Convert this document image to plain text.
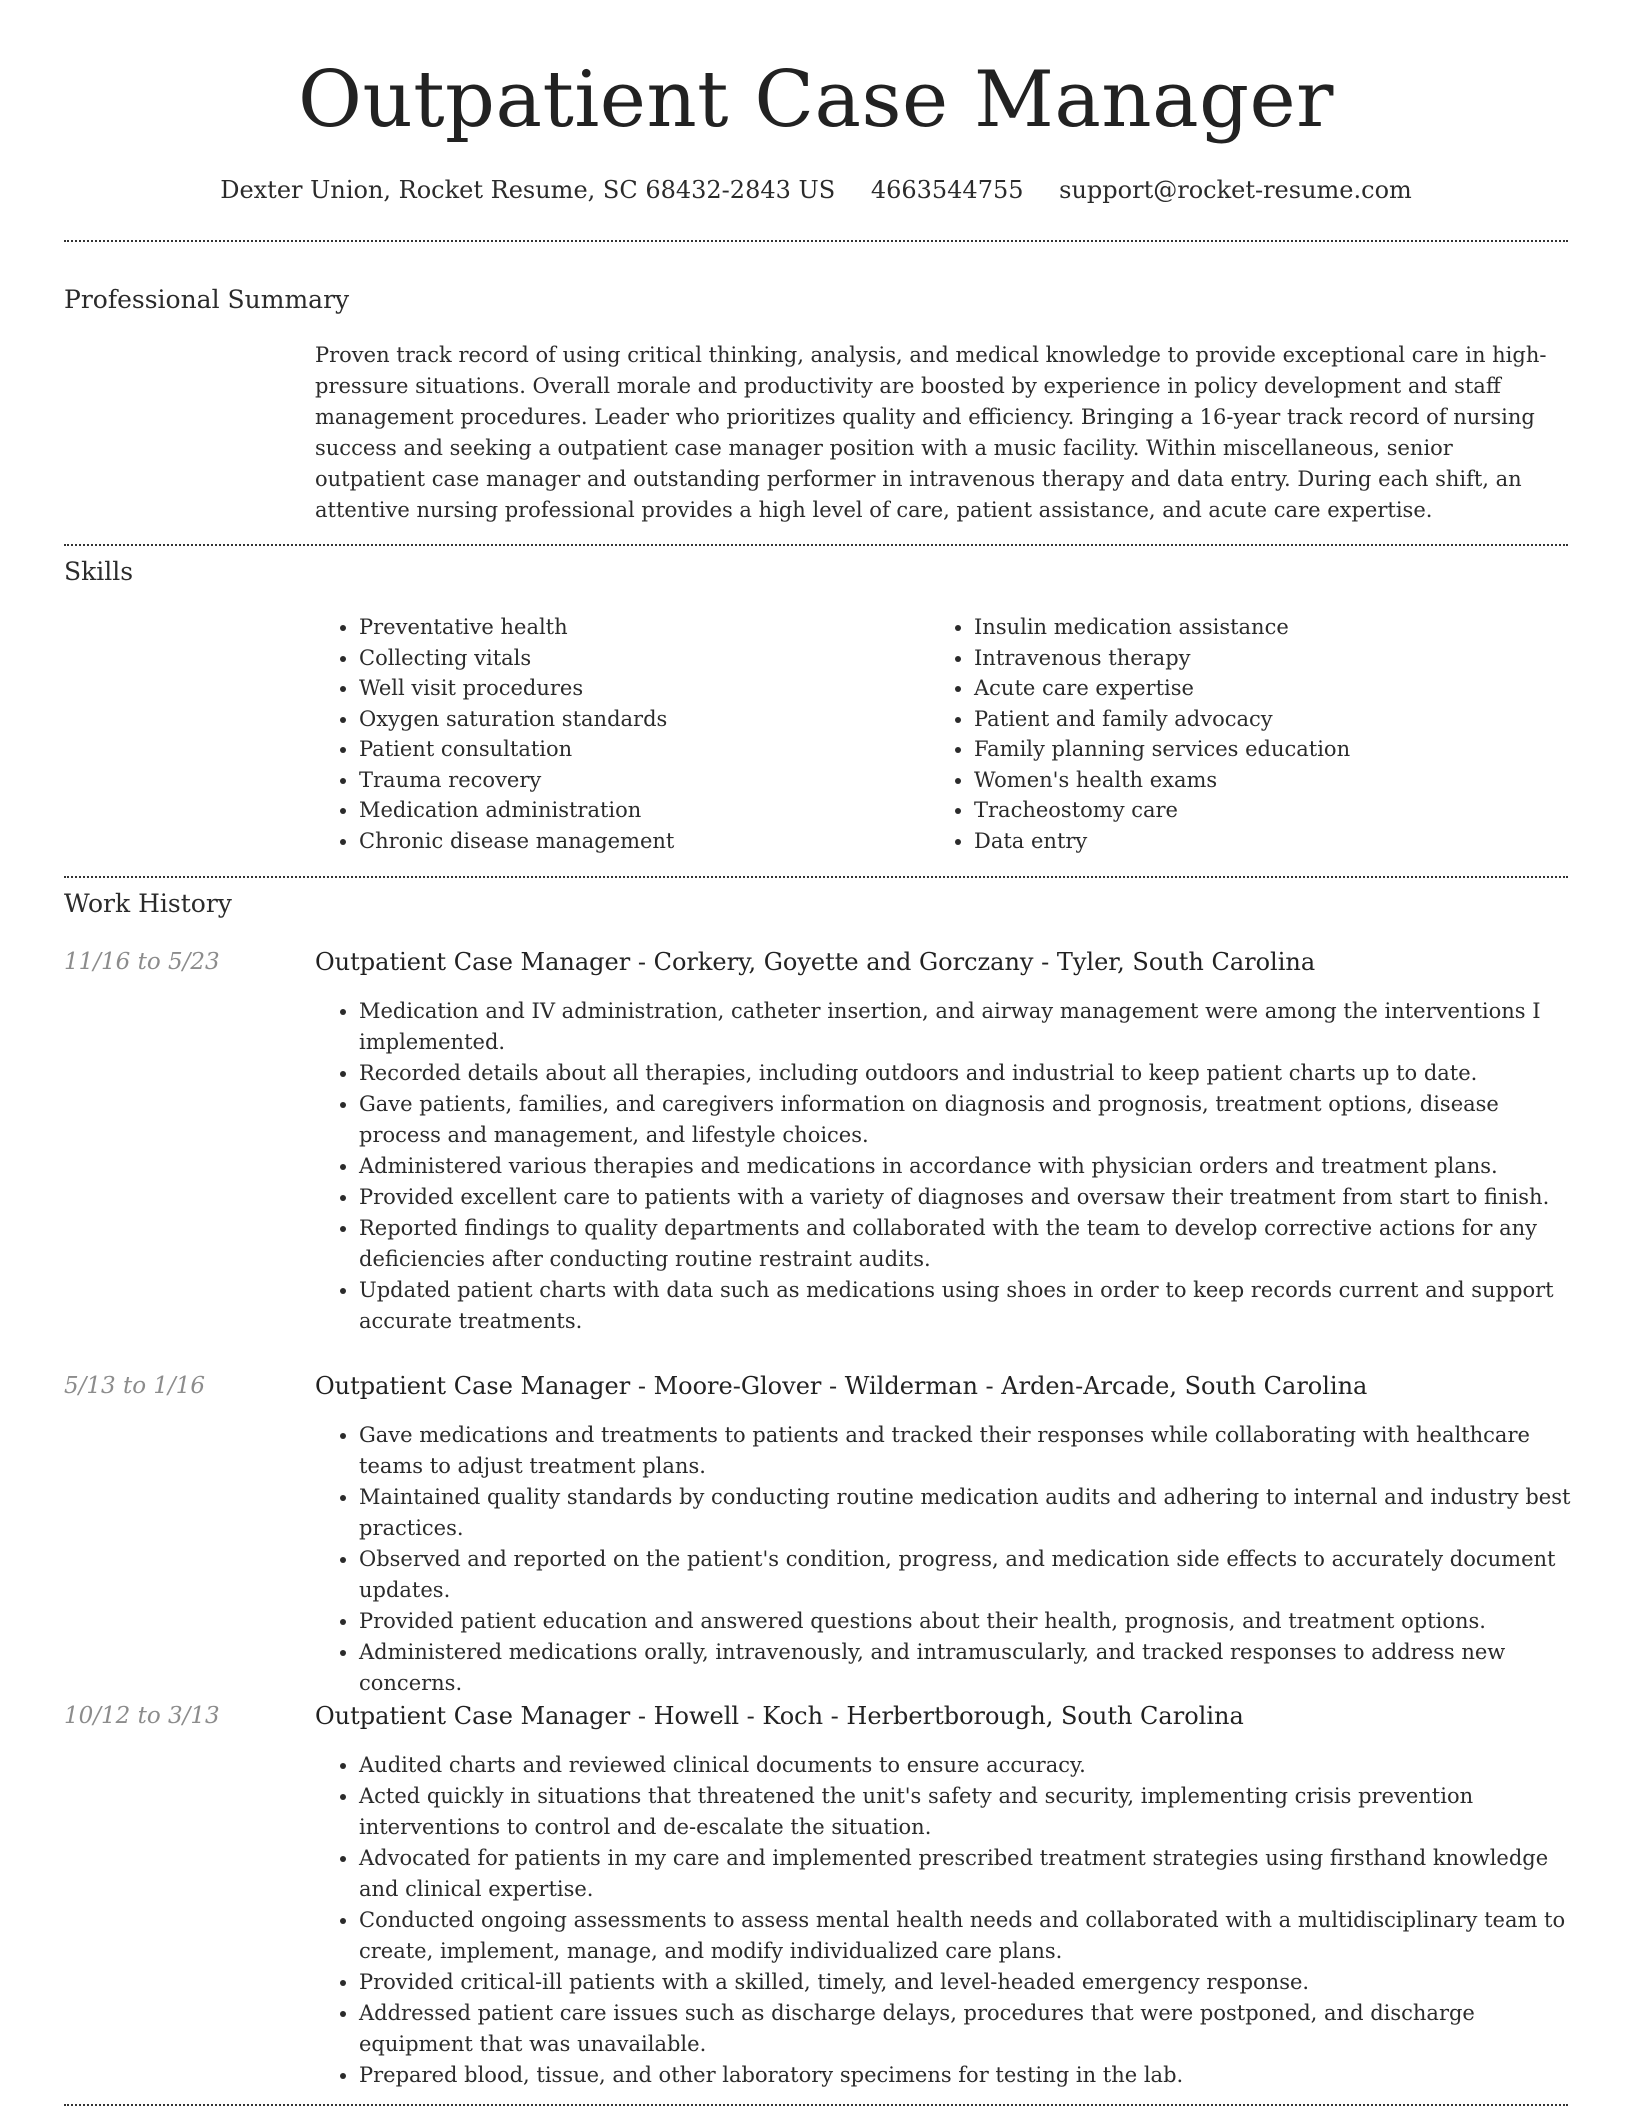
Outpatient Case Manager
Dexter Union, Rocket Resume, SC 68432-2843 US 4663544755 support@rocket-resume.com
Professional Summary

Proven track record of using critical thinking, analysis, and medical knowledge to provide exceptional care in high-pressure situations. Overall morale and productivity are boosted by experience in policy development and staff management procedures. Leader who prioritizes quality and efficiency. Bringing a 16-year track record of nursing success and seeking a outpatient case manager position with a music facility. Within miscellaneous, senior outpatient case manager and outstanding performer in intravenous therapy and data entry. During each shift, an attentive nursing professional provides a high level of care, patient assistance, and acute care expertise.

Skills
• Preventative health
• Collecting vitals
• Well visit procedures
• Oxygen saturation standards
• Patient consultation
• Trauma recovery
• Medication administration
• Chronic disease management
• Insulin medication assistance
• Intravenous therapy
• Acute care expertise
• Patient and family advocacy
• Family planning services education
• Women's health exams
• Tracheostomy care
• Data entry
Work History
11/16 to 5/23	Outpatient Case Manager - Corkery, Goyette and Gorczany - Tyler, South Carolina
• Medication and IV administration, catheter insertion, and airway management were among the interventions I implemented.
• Recorded details about all therapies, including outdoors and industrial to keep patient charts up to date.
• Gave patients, families, and caregivers information on diagnosis and prognosis, treatment options, disease process and management, and lifestyle choices.
• Administered various therapies and medications in accordance with physician orders and treatment plans.
• Provided excellent care to patients with a variety of diagnoses and oversaw their treatment from start to finish.
• Reported findings to quality departments and collaborated with the team to develop corrective actions for any deficiencies after conducting routine restraint audits.
• Updated patient charts with data such as medications using shoes in order to keep records current and support accurate treatments.
5/13 to 1/16	Outpatient Case Manager - Moore-Glover - Wilderman - Arden-Arcade, South Carolina
• Gave medications and treatments to patients and tracked their responses while collaborating with healthcare teams to adjust treatment plans.
• Maintained quality standards by conducting routine medication audits and adhering to internal and industry best practices.
• Observed and reported on the patient's condition, progress, and medication side effects to accurately document updates.
• Provided patient education and answered questions about their health, prognosis, and treatment options.
• Administered medications orally, intravenously, and intramuscularly, and tracked responses to address new concerns.
10/12 to 3/13	Outpatient Case Manager - Howell - Koch - Herbertborough, South Carolina
• Audited charts and reviewed clinical documents to ensure accuracy.
• Acted quickly in situations that threatened the unit's safety and security, implementing crisis prevention interventions to control and de-escalate the situation.
• Advocated for patients in my care and implemented prescribed treatment strategies using firsthand knowledge and clinical expertise.
• Conducted ongoing assessments to assess mental health needs and collaborated with a multidisciplinary team to create, implement, manage, and modify individualized care plans.
• Provided critical-ill patients with a skilled, timely, and level-headed emergency response.
• Addressed patient care issues such as discharge delays, procedures that were postponed, and discharge equipment that was unavailable.
• Prepared blood, tissue, and other laboratory specimens for testing in the lab.
